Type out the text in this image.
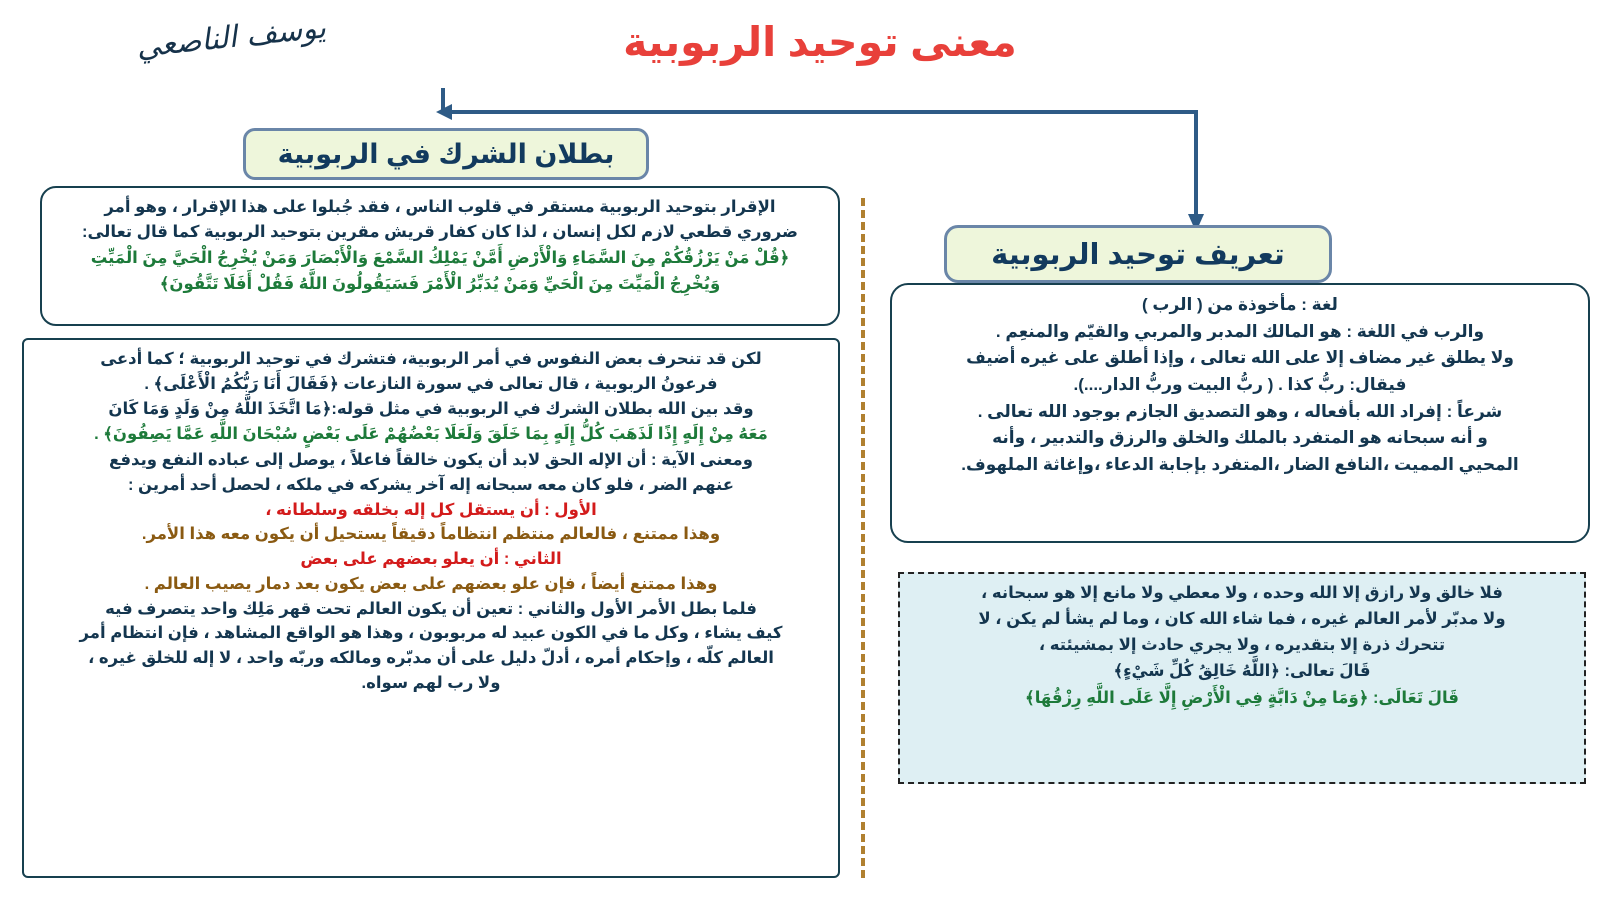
معنى توحيد الربوبية
يوسف الناصعي
بطلان الشرك في الربوبية

الإقرار بتوحيد الربوبية مستقر في قلوب الناس ، فقد جُبلوا على هذا الإقرار ، وهو أمر

ضروري قطعي لازم لكل إنسان ، لذا كان كفار قريش مقرين بتوحيد الربوبية كما قال تعالى:

﴿قُلْ مَنْ يَرْزُقُكُمْ مِنَ السَّمَاءِ وَالْأَرْضِ أَمَّنْ يَمْلِكُ السَّمْعَ وَالْأَبْصَارَ وَمَنْ يُخْرِجُ الْحَيَّ مِنَ الْمَيِّتِ

وَيُخْرِجُ الْمَيِّتَ مِنَ الْحَيِّ وَمَنْ يُدَبِّرُ الْأَمْرَ فَسَيَقُولُونَ اللَّهُ فَقُلْ أَفَلَا تَتَّقُونَ﴾

لكن قد تنحرف بعض النفوس في أمر الربوبية، فتشرك في توحيد الربوبية ؛ كما أدعى

فرعونُ الربوبية ، قال تعالى في سورة النازعات ﴿فَقَالَ أَنَا رَبُّكُمُ الْأَعْلَى﴾ .

وقد بين الله بطلان الشرك في الربوبية في مثل قوله:﴿مَا اتَّخَذَ اللَّهُ مِنْ وَلَدٍ وَمَا كَانَ

مَعَهُ مِنْ إِلَهٍ إِذًا لَذَهَبَ كُلُّ إِلَهٍ بِمَا خَلَقَ وَلَعَلَا بَعْضُهُمْ عَلَى بَعْضٍ سُبْحَانَ اللَّهِ عَمَّا يَصِفُونَ﴾ .

ومعنى الآية : أن الإله الحق لابد أن يكون خالقاً فاعلاً ، يوصل إلى عباده النفع ويدفع

عنهم الضر ، فلو كان معه سبحانه إله آخر يشركه في ملكه ، لحصل أحد أمرين :

الأول : أن يستقل كل إله بخلقه وسلطانه ،

وهذا ممتنع ، فالعالم منتظم انتظاماً دقيقاً يستحيل أن يكون معه هذا الأمر.

الثاني : أن يعلو بعضهم على بعض

وهذا ممتنع أيضاً ، فإن علو بعضهم على بعض يكون بعد دمار يصيب العالم .

فلما بطل الأمر الأول والثاني : تعين أن يكون العالم تحت قهر مَلِك واحد يتصرف فيه

كيف يشاء ، وكل ما في الكون عبيد له مربوبون ، وهذا هو الواقع المشاهد ، فإن انتظام أمر

العالم كلّه ، وإحكام أمره ، أدلّ دليل على أن مدبّره ومالكه وربّه واحد ، لا إله للخلق غيره ،

ولا رب لهم سواه.

تعريف توحيد الربوبية

لغة : مأخوذة من ( الرب )

والرب في اللغة : هو المالك المدبر والمربي والقيّم والمنعِم .

ولا يطلق غير مضاف إلا على الله تعالى ، وإذا أطلق على غيره أضيف

فيقال: ربُّ كذا . ( ربُّ البيت وربُّ الدار....).

شرعاً : إفراد الله بأفعاله ، وهو التصديق الجازم بوجود الله تعالى .

و أنه سبحانه هو المتفرد بالملك والخلق والرزق والتدبير ، وأنه

المحيي المميت ،النافع الضار ،المتفرد بإجابة الدعاء ،وإغاثة الملهوف.

فلا خالق ولا رازق إلا الله وحده ، ولا معطي ولا مانع إلا هو سبحانه ،

ولا مدبّر لأمر العالم غيره ، فما شاء الله كان ، وما لم يشأ لم يكن ، لا

تتحرك ذرة إلا بتقديره ، ولا يجري حادث إلا بمشيئته ،

قَالَ تعالى: ﴿اللَّهُ خَالِقُ كُلِّ شَيْءٍ﴾

قَالَ تَعَالَى: ﴿وَمَا مِنْ دَابَّةٍ فِي الْأَرْضِ إِلَّا عَلَى اللَّهِ رِزْقُهَا﴾
